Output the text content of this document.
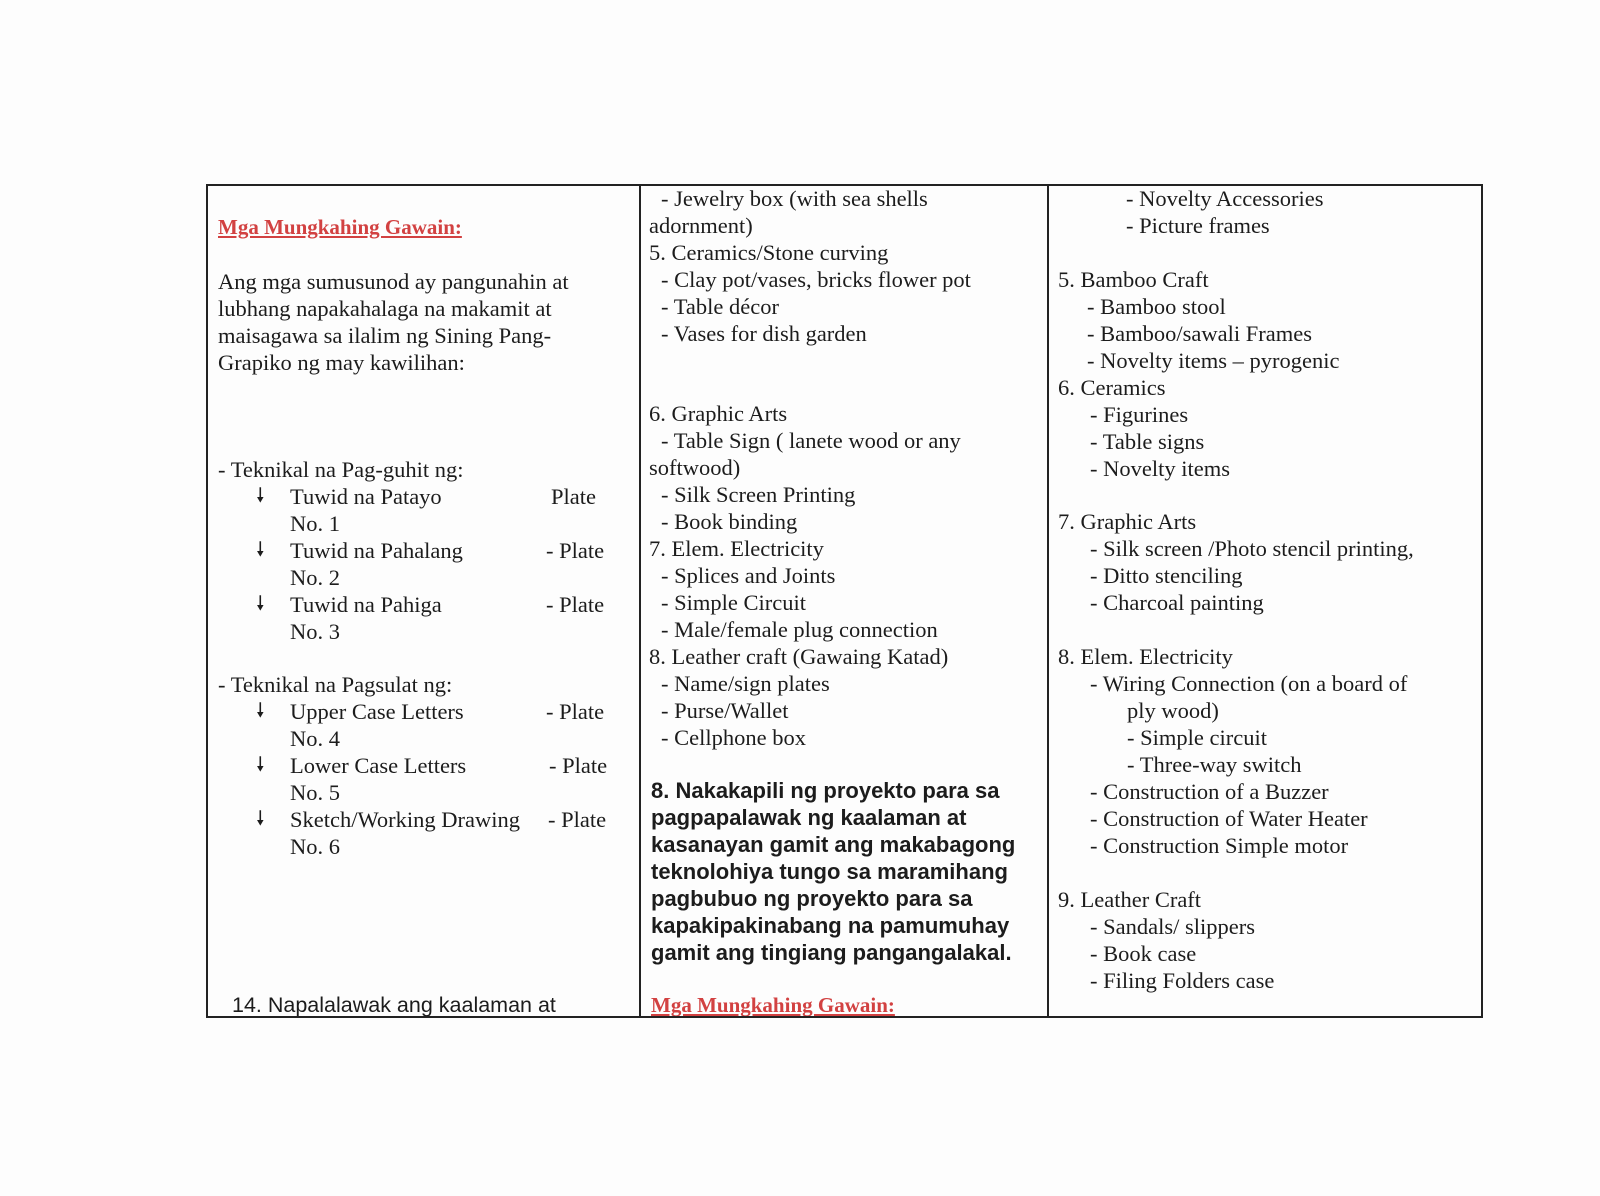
Mga Mungkahing Gawain:
Ang mga sumusunod ay pangunahin at
lubhang napakahalaga na makamit at
maisagawa sa ilalim ng Sining Pang-
Grapiko ng may kawilihan:
- Teknikal na Pag-guhit ng:
🠗 Tuwid na Patayo	Plate
No. 1
🠗 Tuwid na Pahalang	- Plate
No. 2
🠗 Tuwid na Pahiga	- Plate
No. 3
- Teknikal na Pagsulat ng:
🠗 Upper Case Letters	- Plate
No. 4
🠗 Lower Case Letters	- Plate
No. 5
🠗 Sketch/Working Drawing - Plate
No. 6
14. Napalalawak ang kaalaman at
- Jewelry box (with sea shells
adornment)
5. Ceramics/Stone curving
- Clay pot/vases, bricks flower pot
- Table décor
- Vases for dish garden
6. Graphic Arts
- Table Sign ( lanete wood or any
softwood)
- Silk Screen Printing
- Book binding
7. Elem. Electricity
- Splices and Joints
- Simple Circuit
- Male/female plug connection
8. Leather craft (Gawaing Katad)
- Name/sign plates
- Purse/Wallet
- Cellphone box
8. Nakakapili ng proyekto para sa
pagpapalawak ng kaalaman at
kasanayan gamit ang makabagong
teknolohiya tungo sa maramihang
pagbubuo ng proyekto para sa
kapakipakinabang na pamumuhay
gamit ang tingiang pangangalakal.
Mga Mungkahing Gawain:
- Novelty Accessories
- Picture frames
5. Bamboo Craft
- Bamboo stool
- Bamboo/sawali Frames
- Novelty items – pyrogenic
6. Ceramics
- Figurines
- Table signs
- Novelty items
7. Graphic Arts
- Silk screen /Photo stencil printing,
- Ditto stenciling
- Charcoal painting
8. Elem. Electricity
- Wiring Connection (on a board of
ply wood)
- Simple circuit
- Three-way switch
- Construction of a Buzzer
- Construction of Water Heater
- Construction Simple motor
9. Leather Craft
- Sandals/ slippers
- Book case
- Filing Folders case
